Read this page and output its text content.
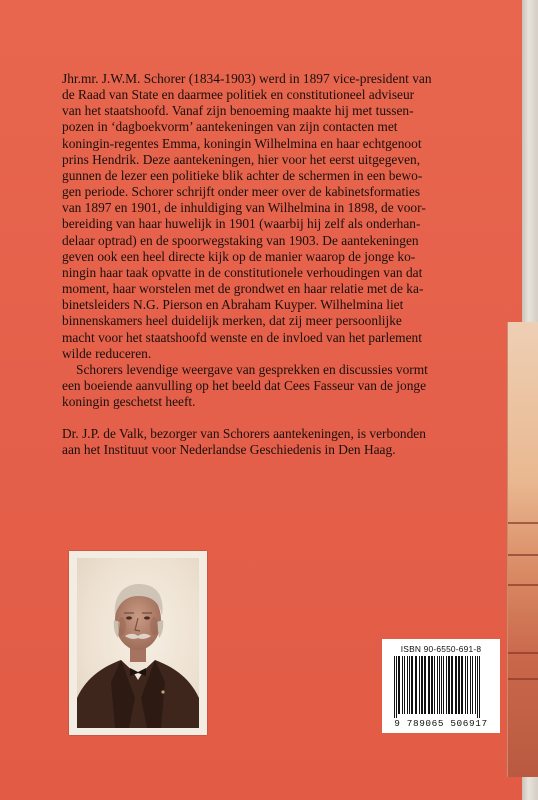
Jhr.mr. J.W.M. Schorer (1834-1903) werd in 1897 vice-president van
de Raad van State en daarmee politiek en constitutioneel adviseur
van het staatshoofd. Vanaf zijn benoeming maakte hij met tussen-
pozen in ‘dagboekvorm’ aantekeningen van zijn contacten met
koningin-regentes Emma, koningin Wilhelmina en haar echtgenoot
prins Hendrik. Deze aantekeningen, hier voor het eerst uitgegeven,
gunnen de lezer een politieke blik achter de schermen in een bewo-
gen periode. Schorer schrijft onder meer over de kabinetsformaties
van 1897 en 1901, de inhuldiging van Wilhelmina in 1898, de voor-
bereiding van haar huwelijk in 1901 (waarbij hij zelf als onderhan-
delaar optrad) en de spoorwegstaking van 1903. De aantekeningen
geven ook een heel directe kijk op de manier waarop de jonge ko-
ningin haar taak opvatte in de constitutionele verhoudingen van dat
moment, haar worstelen met de grondwet en haar relatie met de ka-
binetsleiders N.G. Pierson en Abraham Kuyper. Wilhelmina liet
binnenskamers heel duidelijk merken, dat zij meer persoonlijke
macht voor het staatshoofd wenste en de invloed van het parlement
wilde reduceren.

Schorers levendige weergave van gesprekken en discussies vormt
een boeiende aanvulling op het beeld dat Cees Fasseur van de jonge
koningin geschetst heeft.

Dr. J.P. de Valk, bezorger van Schorers aantekeningen, is verbonden
aan het Instituut voor Nederlandse Geschiedenis in Den Haag.

ISBN 90-6550-691-8
9 789065 506917
